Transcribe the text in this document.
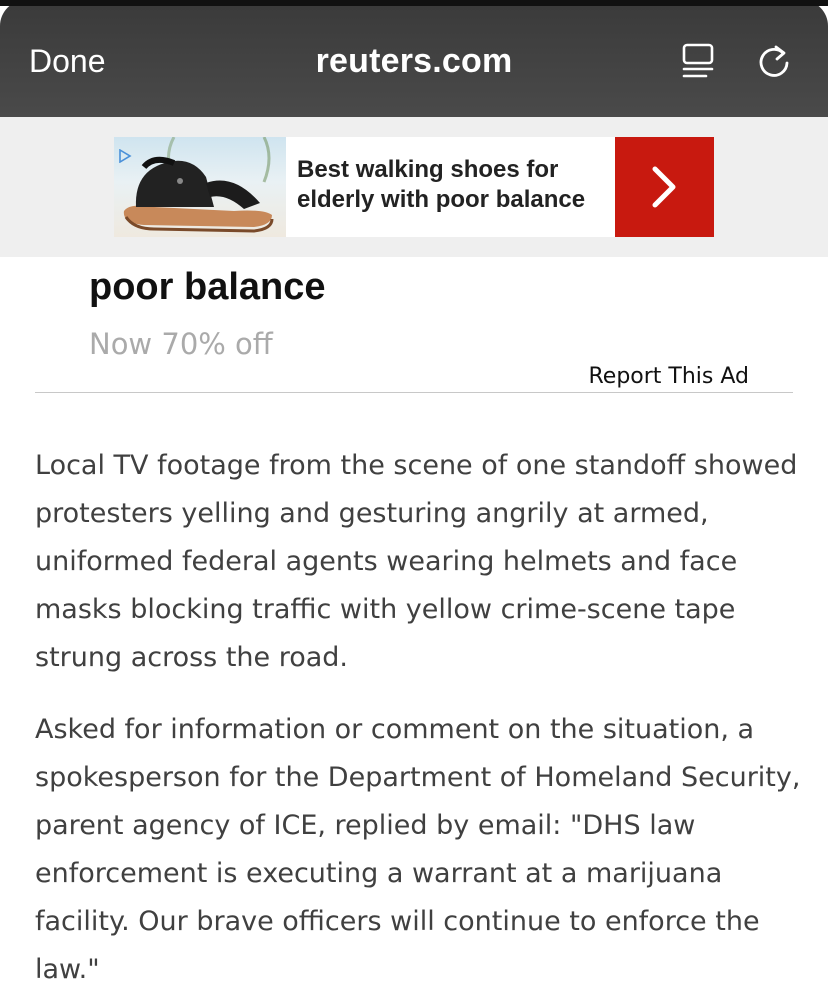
Done	reuters.com
Best walking shoes for elderly with poor balance
poor balance
Now 70% off
Report This Ad

Local TV footage from the scene of one standoff showed protesters yelling and gesturing angrily at armed, uniformed federal agents wearing helmets and face masks blocking traffic with yellow crime-scene tape strung across the road.

Asked for information or comment on the situation, a spokesperson for the Department of Homeland Security, parent agency of ICE, replied by email: "DHS law enforcement is executing a warrant at a marijuana facility. Our brave officers will continue to enforce the law."
